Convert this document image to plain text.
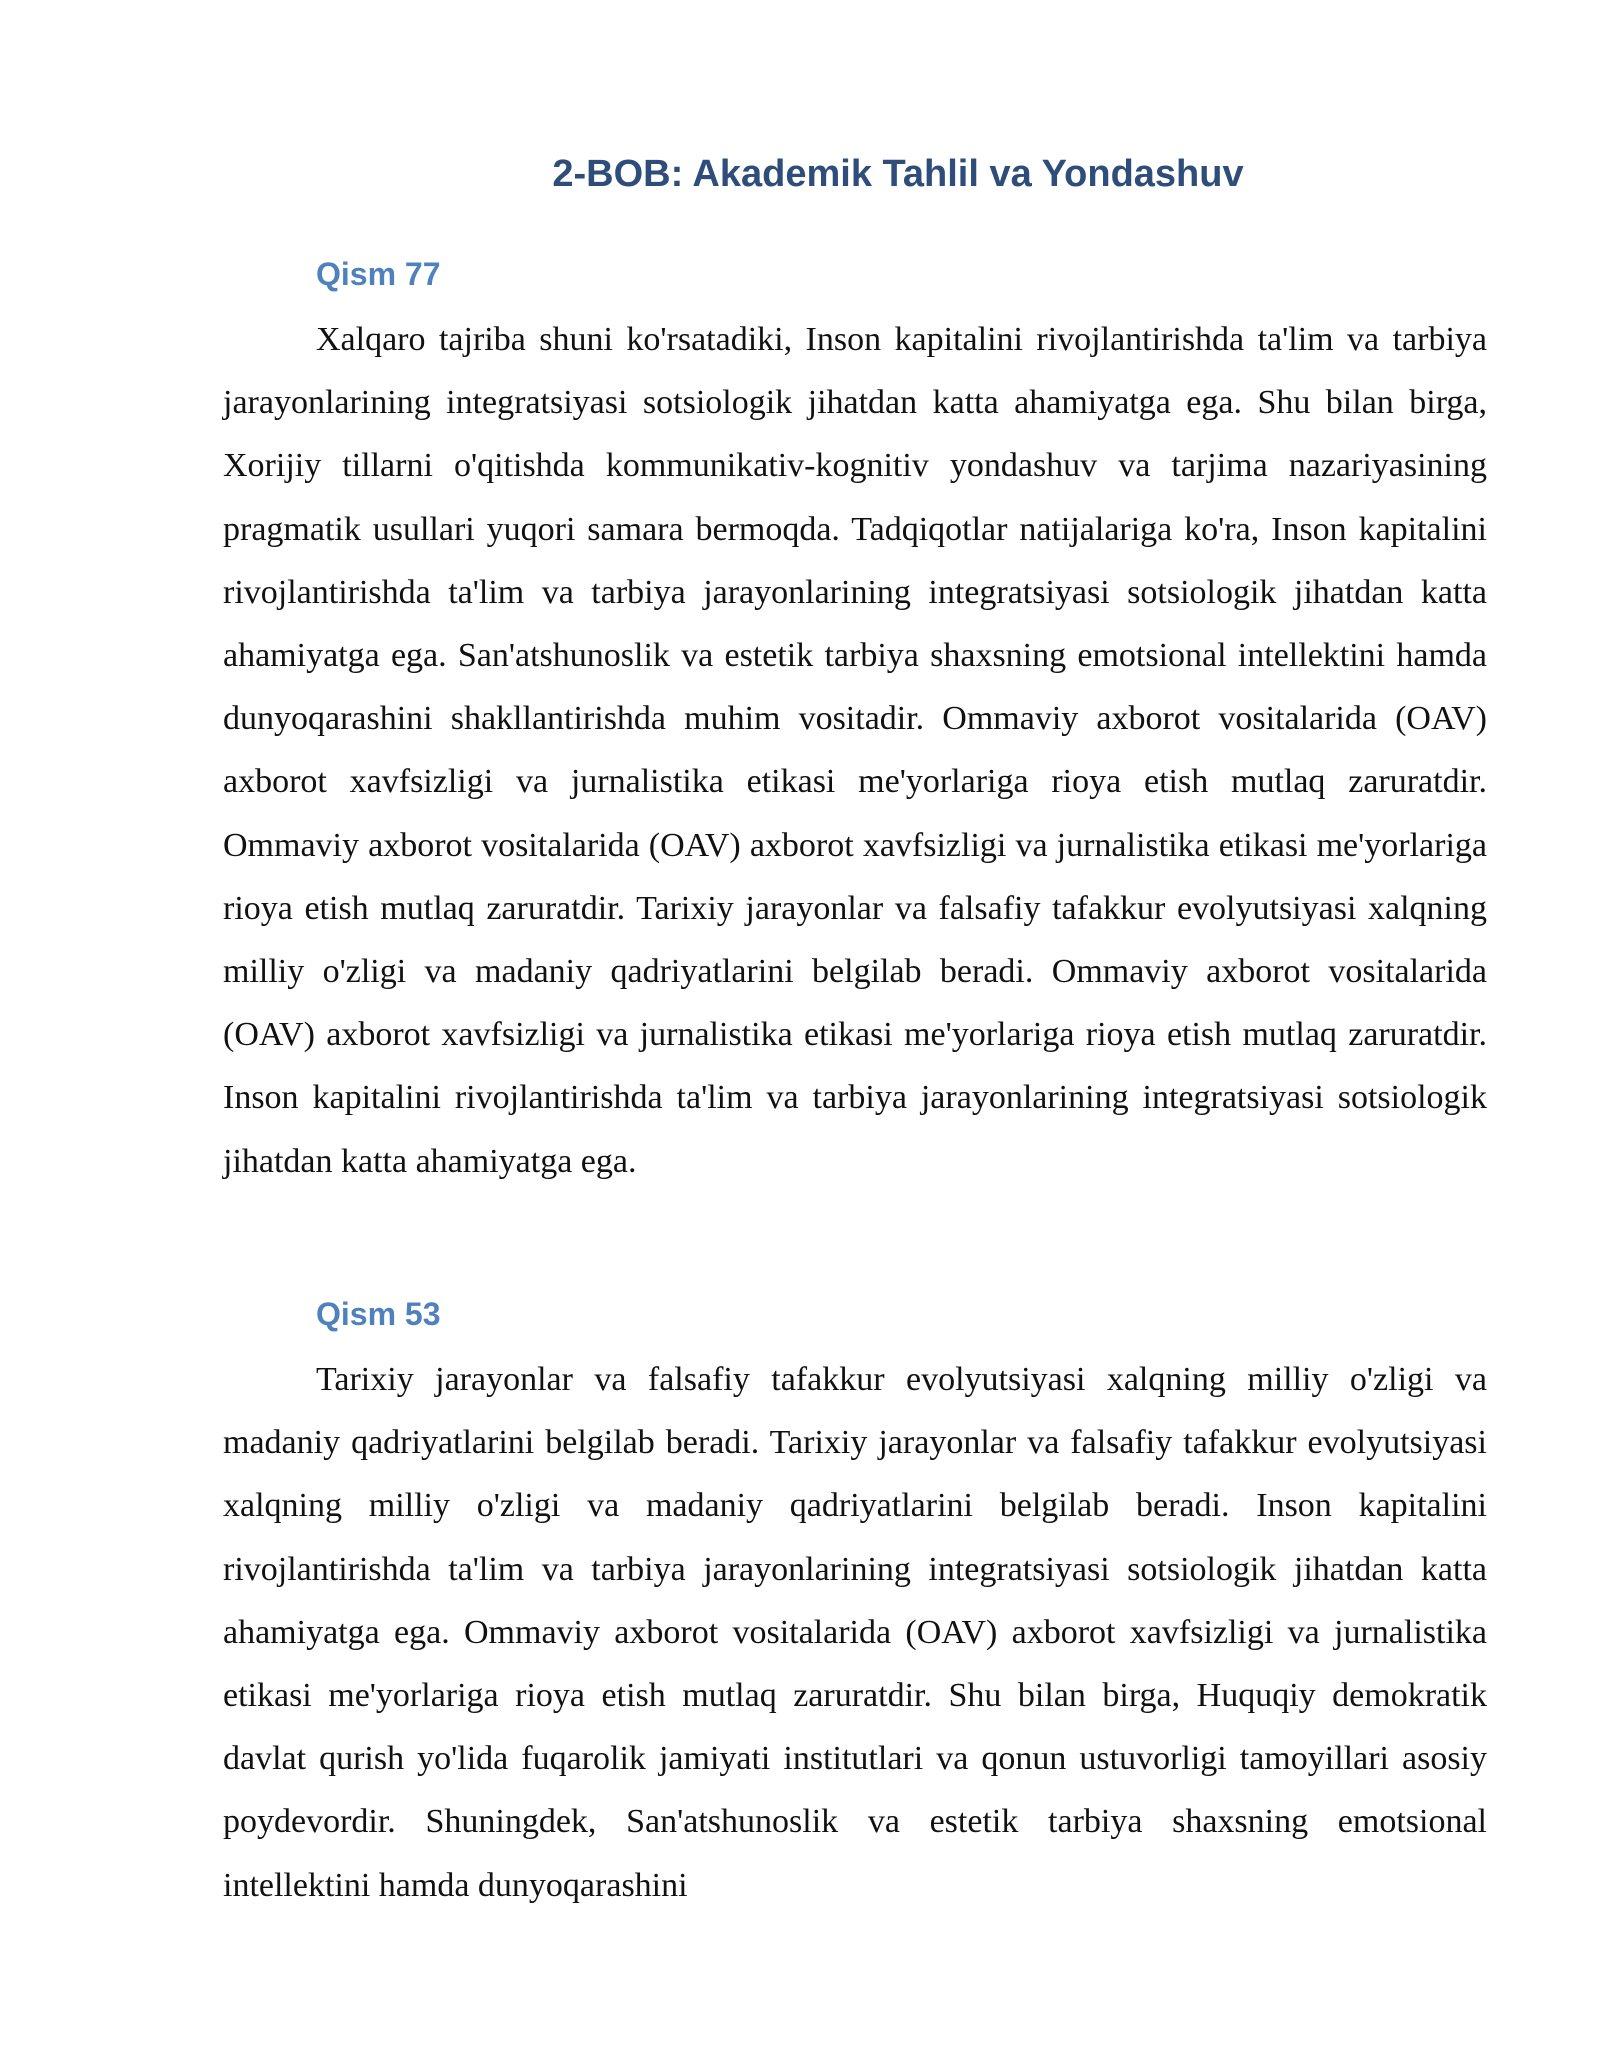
2-BOB: Akademik Tahlil va Yondashuv
Qism 77

Xalqaro tajriba shuni ko'rsatadiki, Inson kapitalini rivojlantirishda ta'lim va tarbiya jarayonlarining integratsiyasi sotsiologik jihatdan katta ahamiyatga ega. Shu bilan birga, Xorijiy tillarni o'qitishda kommunikativ-kognitiv yondashuv va tarjima nazariyasining pragmatik usullari yuqori samara bermoqda. Tadqiqotlar natijalariga ko'ra, Inson kapitalini rivojlantirishda ta'lim va tarbiya jarayonlarining integratsiyasi sotsiologik jihatdan katta ahamiyatga ega. San'atshunoslik va estetik tarbiya shaxsning emotsional intellektini hamda dunyoqarashini shakllantirishda muhim vositadir. Ommaviy axborot vositalarida (OAV) axborot xavfsizligi va jurnalistika etikasi me'yorlariga rioya etish mutlaq zaruratdir. Ommaviy axborot vositalarida (OAV) axborot xavfsizligi va jurnalistika etikasi me'yorlariga rioya etish mutlaq zaruratdir. Tarixiy jarayonlar va falsafiy tafakkur evolyutsiyasi xalqning milliy o'zligi va madaniy qadriyatlarini belgilab beradi. Ommaviy axborot vositalarida (OAV) axborot xavfsizligi va jurnalistika etikasi me'yorlariga rioya etish mutlaq zaruratdir. Inson kapitalini rivojlantirishda ta'lim va tarbiya jarayonlarining integratsiyasi sotsiologik jihatdan katta ahamiyatga ega.

Qism 53

Tarixiy jarayonlar va falsafiy tafakkur evolyutsiyasi xalqning milliy o'zligi va madaniy qadriyatlarini belgilab beradi. Tarixiy jarayonlar va falsafiy tafakkur evolyutsiyasi xalqning milliy o'zligi va madaniy qadriyatlarini belgilab beradi. Inson kapitalini rivojlantirishda ta'lim va tarbiya jarayonlarining integratsiyasi sotsiologik jihatdan katta ahamiyatga ega. Ommaviy axborot vositalarida (OAV) axborot xavfsizligi va jurnalistika etikasi me'yorlariga rioya etish mutlaq zaruratdir. Shu bilan birga, Huquqiy demokratik davlat qurish yo'lida fuqarolik jamiyati institutlari va qonun ustuvorligi tamoyillari asosiy poydevordir. Shuningdek, San'atshunoslik va estetik tarbiya shaxsning emotsional intellektini hamda dunyoqarashini
